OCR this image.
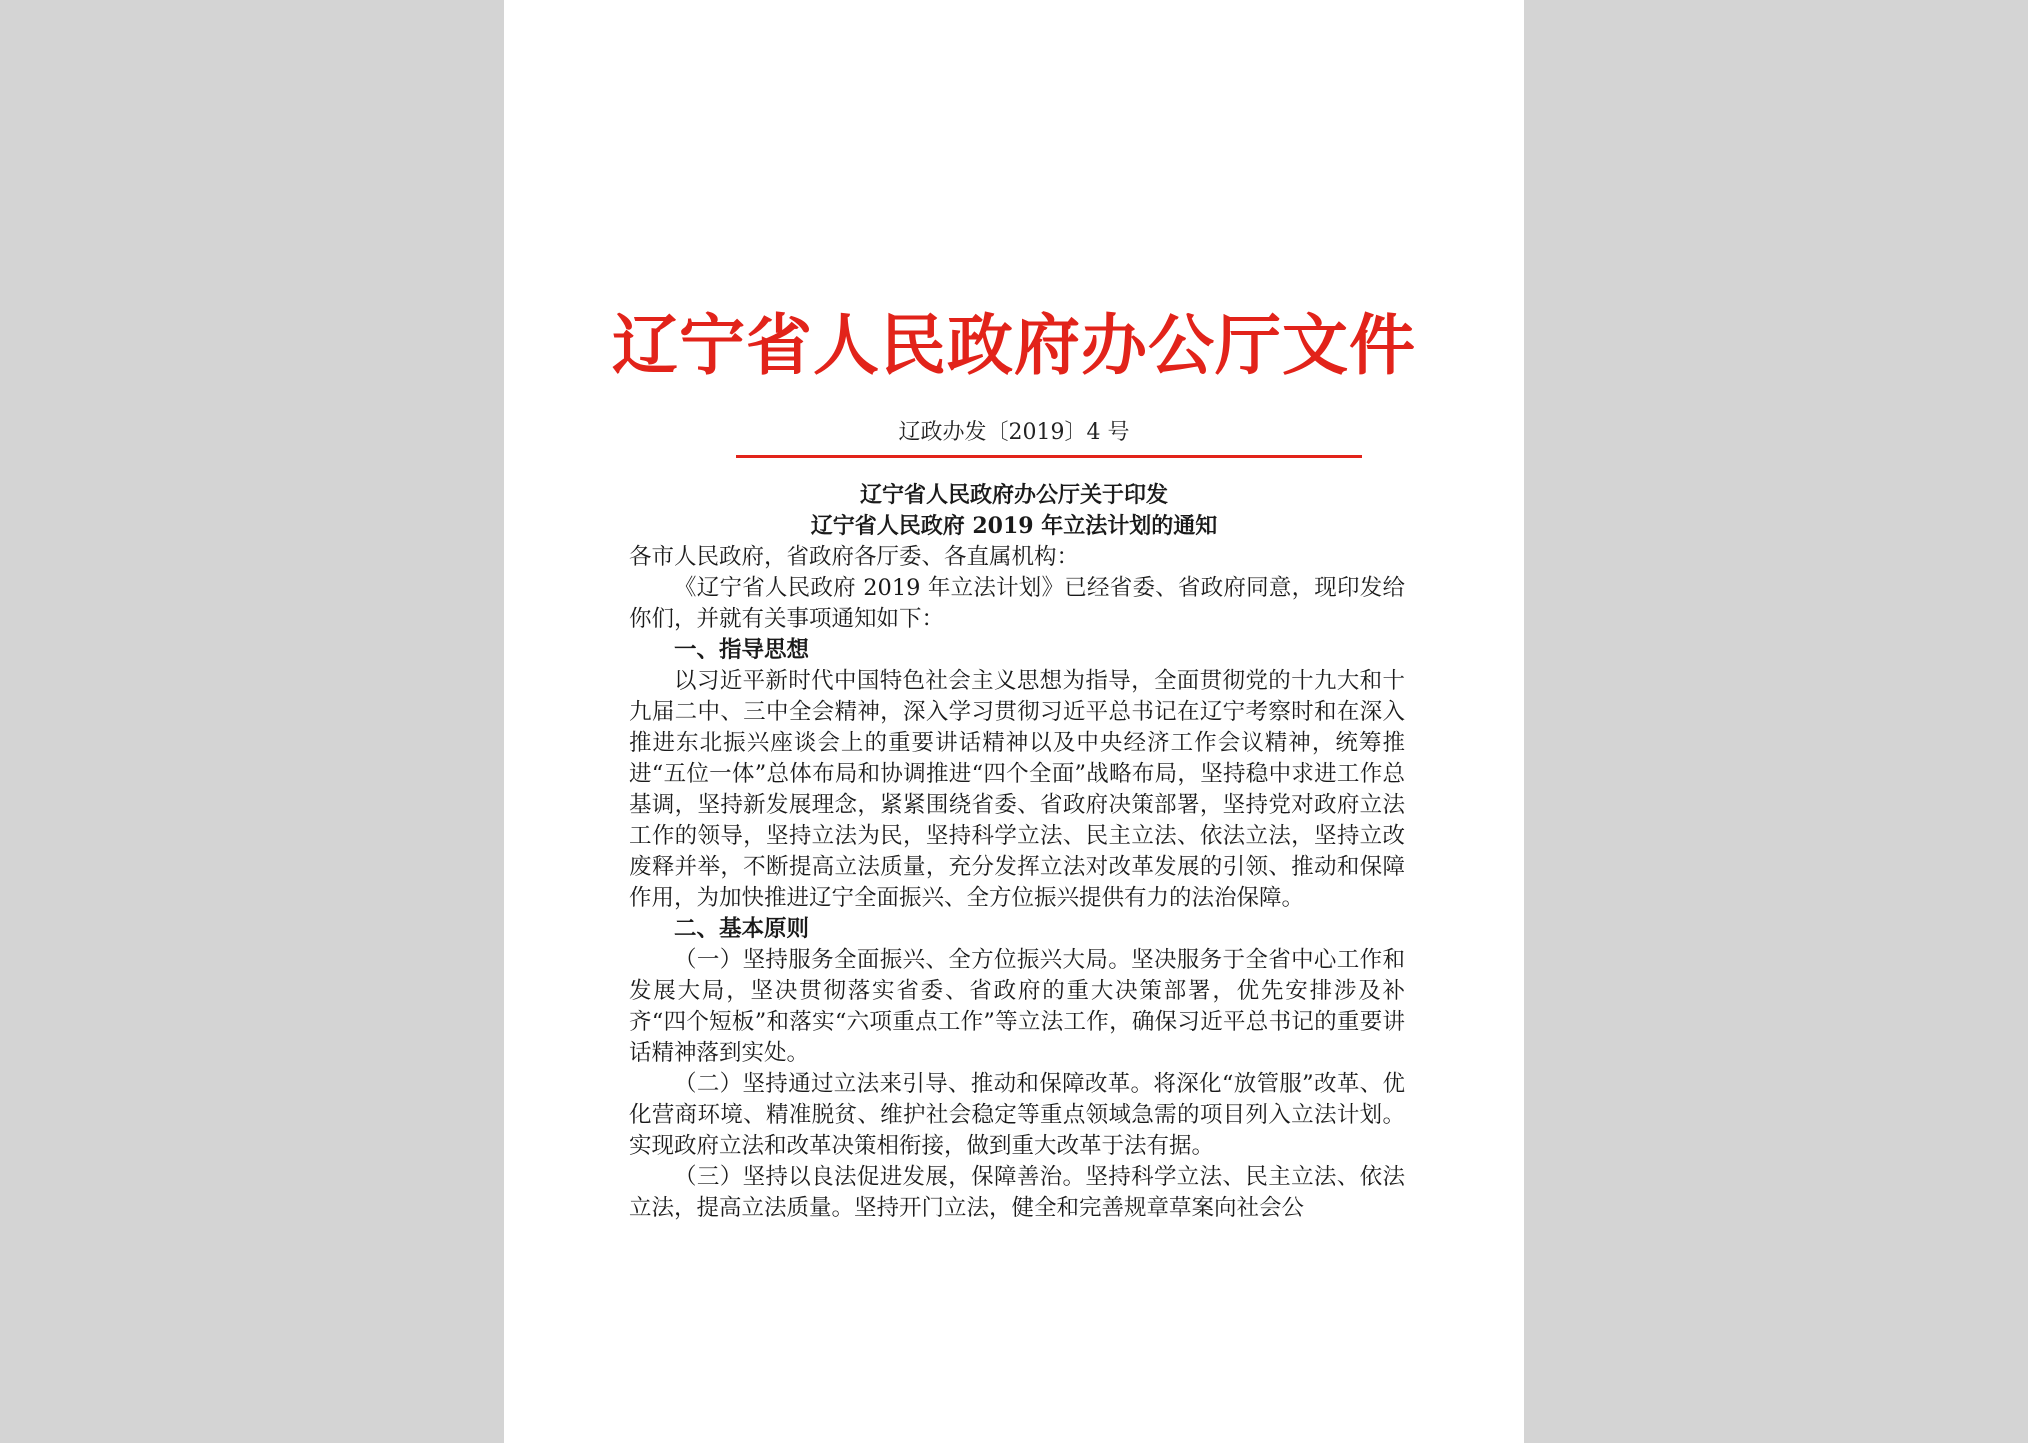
辽宁省人民政府办公厅文件
辽政办发〔2019〕4 号
辽宁省人民政府办公厅关于印发
辽宁省人民政府 2019 年立法计划的通知

各市人民政府，省政府各厅委、各直属机构：

《辽宁省人民政府 2019 年立法计划》已经省委、省政府同意，现印发给你们，并就有关事项通知如下：

一、指导思想

以习近平新时代中国特色社会主义思想为指导，全面贯彻党的十九大和十九届二中、三中全会精神，深入学习贯彻习近平总书记在辽宁考察时和在深入推进东北振兴座谈会上的重要讲话精神以及中央经济工作会议精神，统筹推进“五位一体”总体布局和协调推进“四个全面”战略布局，坚持稳中求进工作总基调，坚持新发展理念，紧紧围绕省委、省政府决策部署，坚持党对政府立法工作的领导，坚持立法为民，坚持科学立法、民主立法、依法立法，坚持立改废释并举，不断提高立法质量，充分发挥立法对改革发展的引领、推动和保障作用，为加快推进辽宁全面振兴、全方位振兴提供有力的法治保障。

二、基本原则

（一）坚持服务全面振兴、全方位振兴大局。坚决服务于全省中心工作和发展大局，坚决贯彻落实省委、省政府的重大决策部署，优先安排涉及补齐“四个短板”和落实“六项重点工作”等立法工作，确保习近平总书记的重要讲话精神落到实处。

（二）坚持通过立法来引导、推动和保障改革。将深化“放管服”改革、优化营商环境、精准脱贫、维护社会稳定等重点领域急需的项目列入立法计划。实现政府立法和改革决策相衔接，做到重大改革于法有据。

（三）坚持以良法促进发展，保障善治。坚持科学立法、民主立法、依法立法，提高立法质量。坚持开门立法，健全和完善规章草案向社会公
